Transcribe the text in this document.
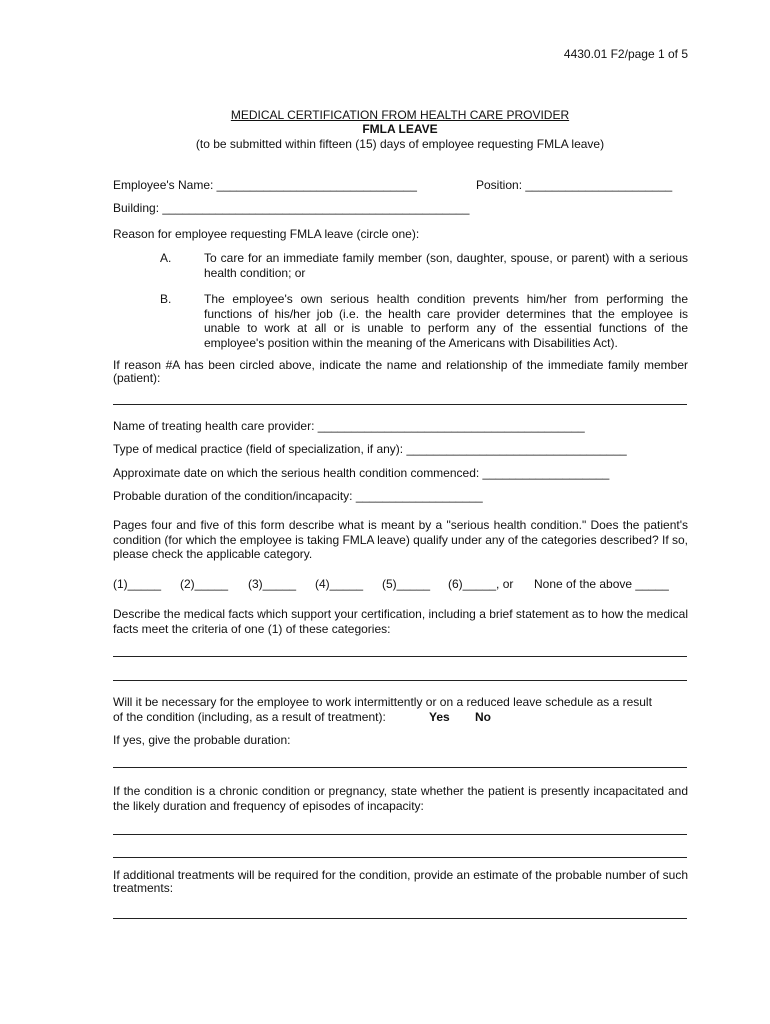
4430.01 F2/page 1 of 5
MEDICAL CERTIFICATION FROM HEALTH CARE PROVIDER
FMLA LEAVE
(to be submitted within fifteen (15) days of employee requesting FMLA leave)
Employee's Name: ______________________________	Position: ______________________
Building: ______________________________________________
Reason for employee requesting FMLA leave (circle one):
A.	To care for an immediate family member (son, daughter, spouse, or parent) with a serious health condition; or
B.	The employee's own serious health condition prevents him/her from performing the functions of his/her job (i.e. the health care provider determines that the employee is unable to work at all or is unable to perform any of the essential functions of the employee's position within the meaning of the Americans with Disabilities Act).
If reason #A has been circled above, indicate the name and relationship of the immediate family member (patient):
Name of treating health care provider: ________________________________________
Type of medical practice (field of specialization, if any): _________________________________
Approximate date on which the serious health condition commenced: ___________________
Probable duration of the condition/incapacity: ___________________
Pages four and five of this form describe what is meant by a "serious health condition." Does the patient's condition (for which the employee is taking FMLA leave) qualify under any of the categories described? If so, please check the applicable category.
(1)_____ (2)_____ (3)_____ (4)_____ (5)_____ (6)_____, or None of the above _____
Describe the medical facts which support your certification, including a brief statement as to how the medical facts meet the criteria of one (1) of these categories:
Will it be necessary for the employee to work intermittently or on a reduced leave schedule as a result
of the condition (including, as a result of treatment):	Yes No
If yes, give the probable duration:
If the condition is a chronic condition or pregnancy, state whether the patient is presently incapacitated and the likely duration and frequency of episodes of incapacity:
If additional treatments will be required for the condition, provide an estimate of the probable number of such treatments:
